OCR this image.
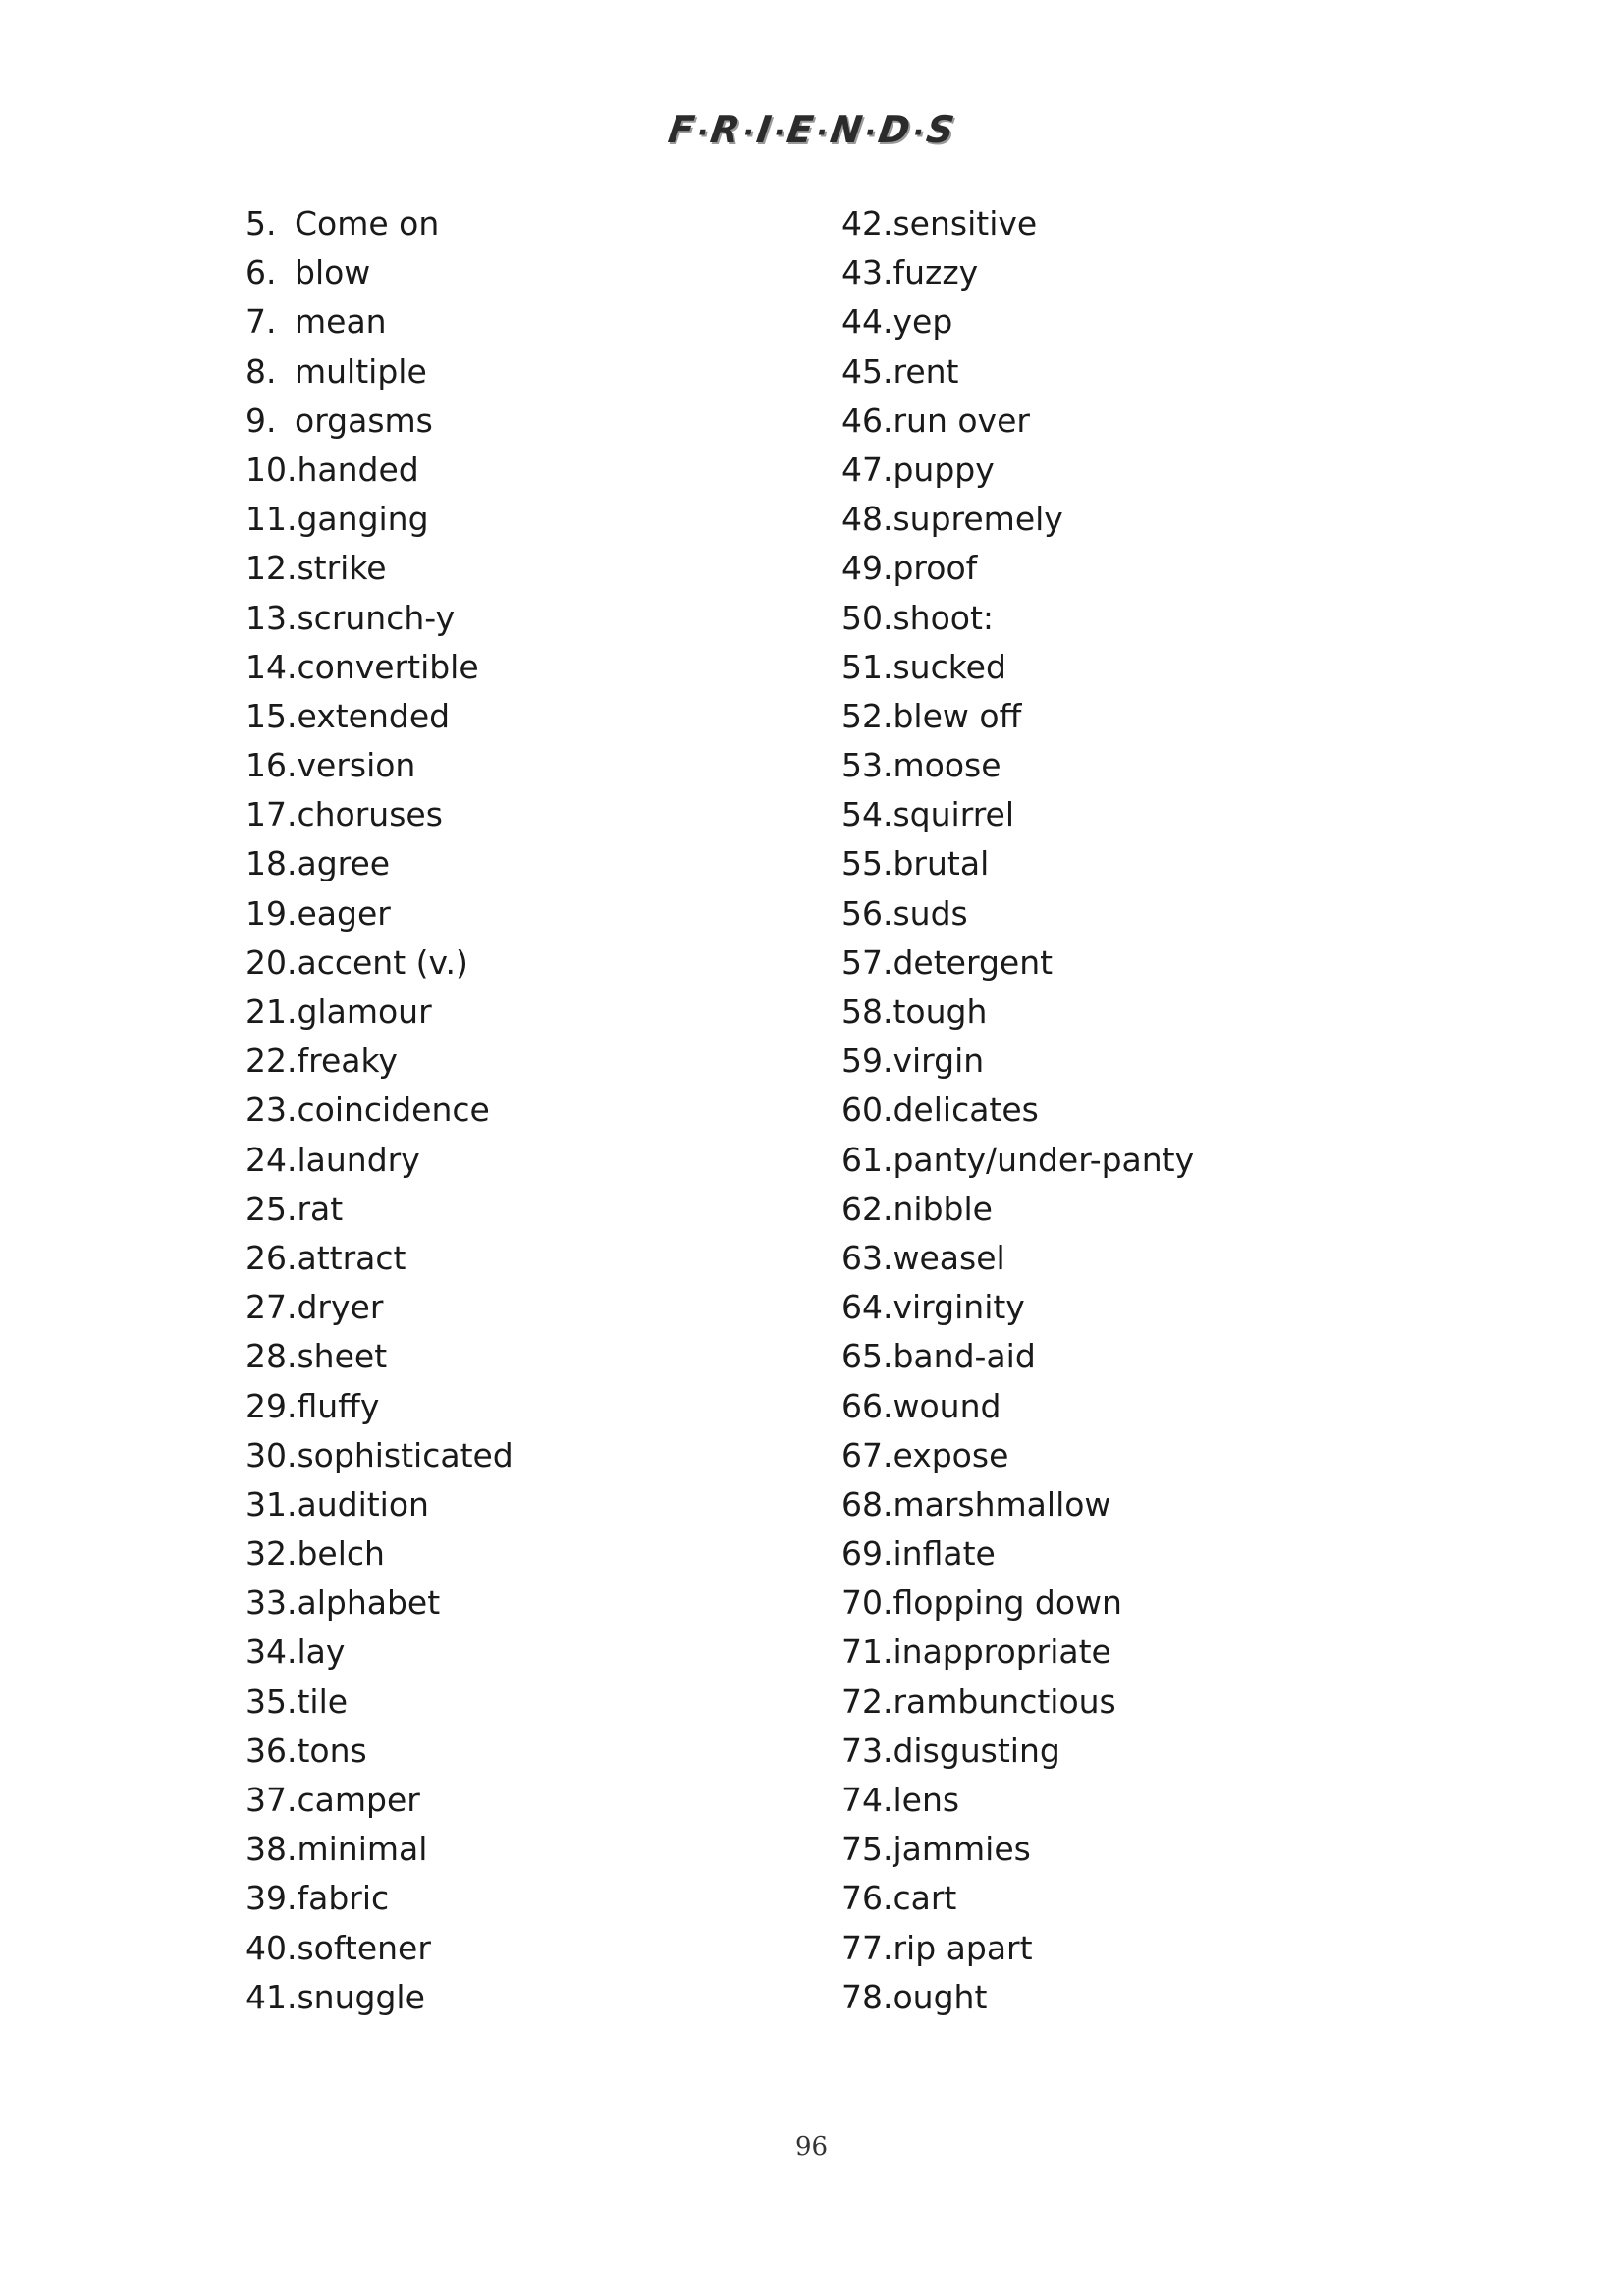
F·R·I·E·N·D·S
5. Come on
6. blow
7. mean
8. multiple
9. orgasms
10.handed
11.ganging
12.strike
13.scrunch-y
14.convertible
15.extended
16.version
17.choruses
18.agree
19.eager
20.accent (v.)
21.glamour
22.freaky
23.coincidence
24.laundry
25.rat
26.attract
27.dryer
28.sheet
29.fluffy
30.sophisticated
31.audition
32.belch
33.alphabet
34.lay
35.tile
36.tons
37.camper
38.minimal
39.fabric
40.softener
41.snuggle
42.sensitive
43.fuzzy
44.yep
45.rent
46.run over
47.puppy
48.supremely
49.proof
50.shoot:
51.sucked
52.blew off
53.moose
54.squirrel
55.brutal
56.suds
57.detergent
58.tough
59.virgin
60.delicates
61.panty/under-panty
62.nibble
63.weasel
64.virginity
65.band-aid
66.wound
67.expose
68.marshmallow
69.inflate
70.flopping down
71.inappropriate
72.rambunctious
73.disgusting
74.lens
75.jammies
76.cart
77.rip apart
78.ought
96
